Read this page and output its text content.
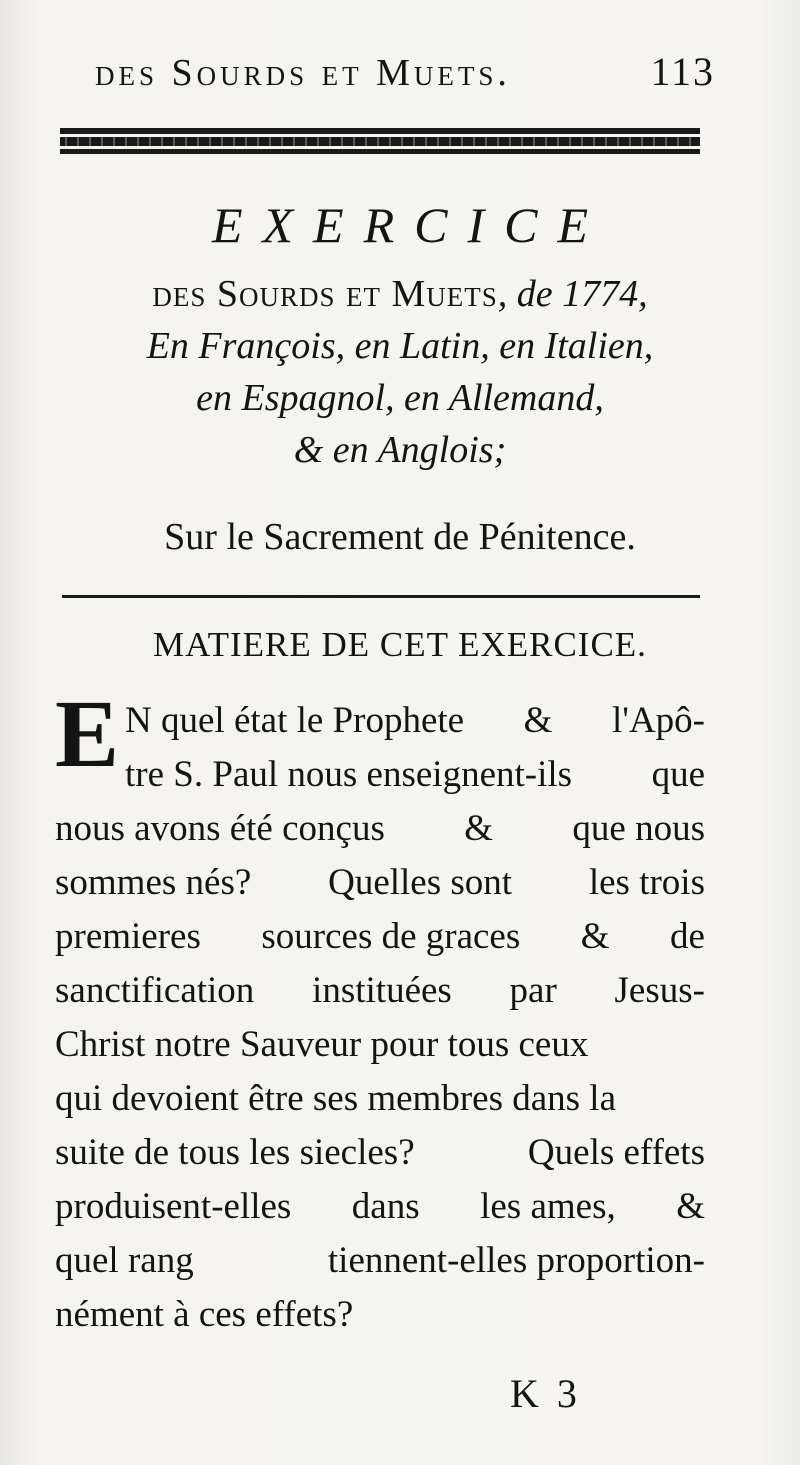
des Sourds et Muets.	113
EXERCICE
des Sourds et Muets, de 1774,
En François, en Latin, en Italien,
en Espagnol, en Allemand,
& en Anglois;
Sur le Sacrement de Pénitence.
MATIERE DE CET EXERCICE.
E N quel état le Prophete & l'Apô-
tre S. Paul nous enseignent-ils que
nous avons été conçus & que nous
sommes nés? Quelles sont les trois
premieres sources de graces & de
sanctification instituées par Jesus-
Christ notre Sauveur pour tous ceux
qui devoient être ses membres dans la
suite de tous les siecles?	Quels effets
produisent-elles dans les ames, &
quel rang	tiennent-elles proportion-
nément à ces effets?
K 3
